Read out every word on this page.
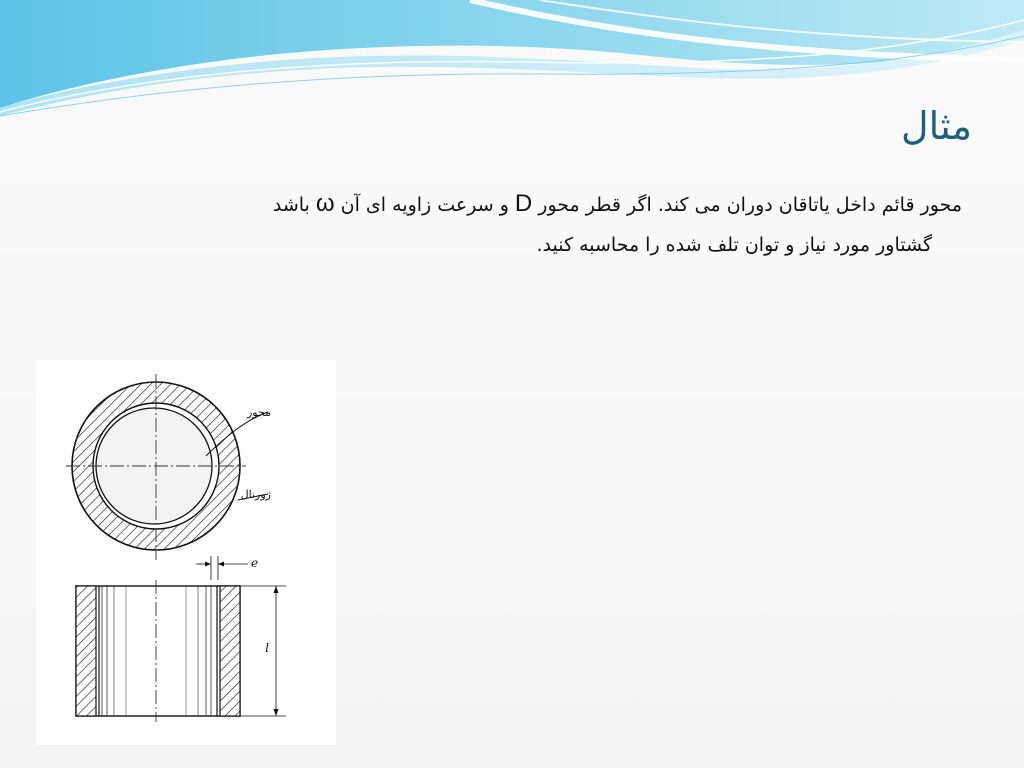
مثال
محور قائم داخل یاتاقان دوران می کند. اگر قطر محور D و سرعت زاویه ای آن ω باشد
گشتاور مورد نیاز و توان تلف شده را محاسبه کنید.
محور
ژورنال
e
l
